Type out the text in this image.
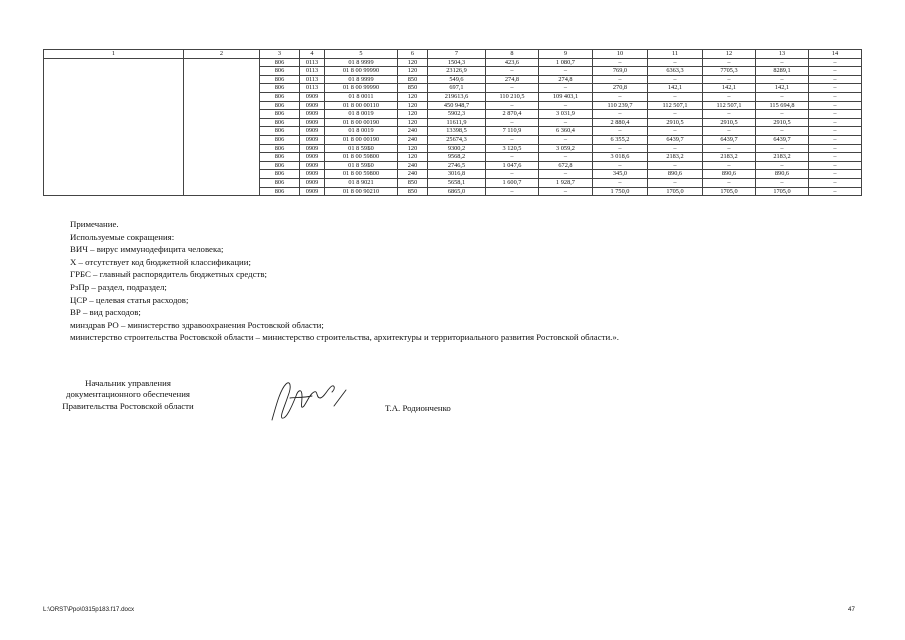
1	2	3	4	5	6	7	8	9	10	11	12	13	14
		806	0113	01 8 9999	120	1504,3	423,6	1 080,7	–	–	–	–	–
		806	0113	01 8 00 99990	120	23126,9	–	–	769,0	6363,3	7705,3	8289,1	–
		806	0113	01 8 9999	850	549,6	274,8	274,8	–	–	–	–	–
		806	0113	01 8 00 99990	850	697,1	–	–	270,8	142,1	142,1	142,1	–
		806	0909	01 8 0011	120	219613,6	110 210,5	109 403,1	–	–	–	–	–
		806	0909	01 8 00 00110	120	450 948,7	–	–	110 239,7	112 507,1	112 507,1	115 694,8	–
		806	0909	01 8 0019	120	5902,3	2 870,4	3 031,9	–	–	–	–	–
		806	0909	01 8 00 00190	120	11611,9	–	–	2 880,4	2910,5	2910,5	2910,5	–
		806	0909	01 8 0019	240	13398,5	7 110,9	6 360,4	–	–	–	–	–
		806	0909	01 8 00 00190	240	25674,3	–	–	6 355,2	6439,7	6439,7	6439,7	–
		806	0909	01 8 59Б0	120	9300,2	3 120,5	3 059,2	–	–	–	–	–
		806	0909	01 8 00 59800	120	9568,2	–	–	3 018,6	2183,2	2183,2	2183,2	–
		806	0909	01 8 59Б0	240	2746,5	1 047,6	672,8	–	–	–	–	–
		806	0909	01 8 00 59800	240	3016,8	–	–	345,0	890,6	890,6	890,6	–
		806	0909	01 8 9021	850	5658,1	1 600,7	1 928,7	–	–	–	–	–
		806	0909	01 8 00 90210	850	6865,0	–	–	1 750,0	1705,0	1705,0	1705,0	–
Примечание.
Используемые сокращения:
ВИЧ – вирус иммунодефицита человека;
Х – отсутствует код бюджетной классификации;
ГРБС – главный распорядитель бюджетных средств;
РзПр – раздел, подраздел;
ЦСР – целевая статья расходов;
ВР – вид расходов;
минздрав РО – министерство здравоохранения Ростовской области;
министерство строительства Ростовской области – министерство строительства, архитектуры и территориального развития Ростовской области.».
Начальник управления
документационного обеспечения
Правительства Ростовской области	Т.А. Родионченко
L:\ORST\Ppo\0315p183.f17.docx	47
